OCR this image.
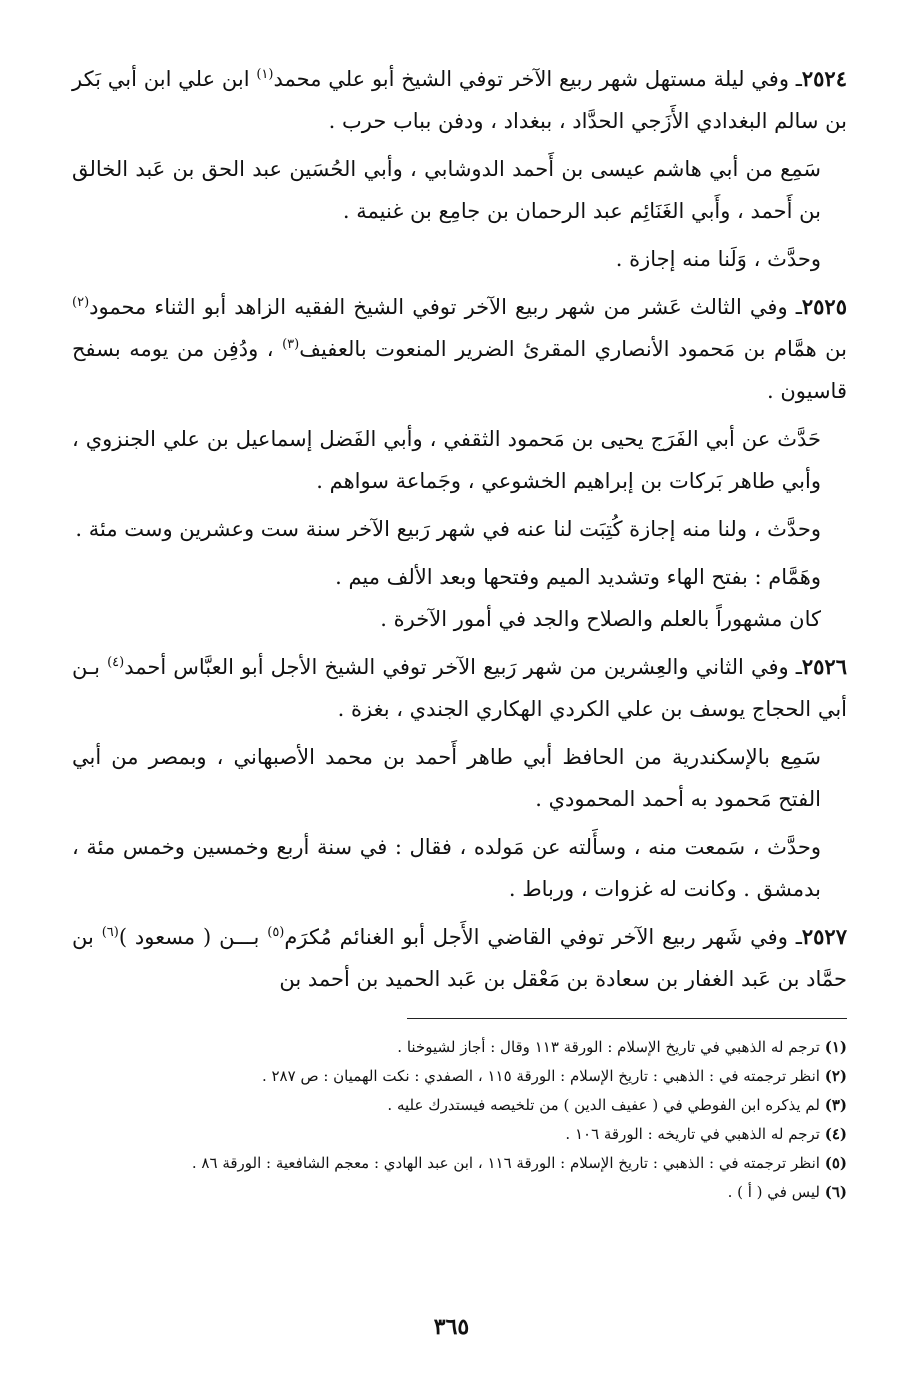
٢٥٢٤ـ وفي ليلة مستهل شهر ربيع الآخر توفي الشيخ أبو علي محمد$^{(١)}$ ابن علي ابن أبي بَكر بن سالم البغدادي الأَزَجي الحدَّاد ، ببغداد ، ودفن بباب حرب .

سَمِع من أبي هاشم عيسى بن أَحمد الدوشابي ، وأبي الحُسَين عبد الحق بن عَبد الخالق بن أَحمد ، وأَبي الغَنَائِم عبد الرحمان بن جامِع بن غنيمة .

وحدَّث ، وَلَنا منه إجازة .

٢٥٢٥ـ وفي الثالث عَشر من شهر ربيع الآخر توفي الشيخ الفقيه الزاهد أبو الثناء محمود$^{(٢)}$ بن همَّام بن مَحمود الأنصاري المقرئ الضرير المنعوت بالعفيف$^{(٣)}$ ، ودُفِن من يومه بسفح قاسيون .

حَدَّث عن أبي الفَرَج يحيى بن مَحمود الثقفي ، وأبي الفَضل إسماعيل بن علي الجنزوي ، وأبي طاهر بَركات بن إبراهيم الخشوعي ، وجَماعة سواهم .

وحدَّث ، ولنا منه إجازة كُتِبَت لنا عنه في شهر رَبيع الآخر سنة ست وعشرين وست مئة .

وهَمَّام : بفتح الهاء وتشديد الميم وفتحها وبعد الألف ميم .

كان مشهوراً بالعلم والصلاح والجد في أمور الآخرة .

٢٥٢٦ـ وفي الثاني والعِشرين من شهر رَبيع الآخر توفي الشيخ الأجل أبو العبَّاس أحمد$^{(٤)}$ بـن أبي الحجاج يوسف بن علي الكردي الهكاري الجندي ، بغزة .

سَمِع بالإسكندرية من الحافظ أبي طاهر أَحمد بن محمد الأصبهاني ، وبمصر من أبي الفتح مَحمود به أحمد المحمودي .

وحدَّث ، سَمعت منه ، وسأَلته عن مَولده ، فقال : في سنة أربع وخمسين وخمس مئة ، بدمشق . وكانت له غزوات ، ورباط .

٢٥٢٧ـ وفي شَهر ربيع الآخر توفي القاضي الأَجل أبو الغنائم مُكرَم$^{(٥)}$ بـــن ( مسعود )$^{(٦)}$ بن حمَّاد بن عَبد الغفار بن سعادة بن مَعْقل بن عَبد الحميد بن أحمد بن

(١) ترجم له الذهبي في تاريخ الإسلام : الورقة ١١٣ وقال : أجاز لشيوخنا .

(٢) انظر ترجمته في : الذهبي : تاريخ الإسلام : الورقة ١١٥ ، الصفدي : نكت الهميان : ص ٢٨٧ .

(٣) لم يذكره ابن الفوطي في ( عفيف الدين ) من تلخيصه فيستدرك عليه .

(٤) ترجم له الذهبي في تاريخه : الورقة ١٠٦ .

(٥) انظر ترجمته في : الذهبي : تاريخ الإسلام : الورقة ١١٦ ، ابن عبد الهادي : معجم الشافعية : الورقة ٨٦ .

(٦) ليس في ( أ ) .

٣٦٥
